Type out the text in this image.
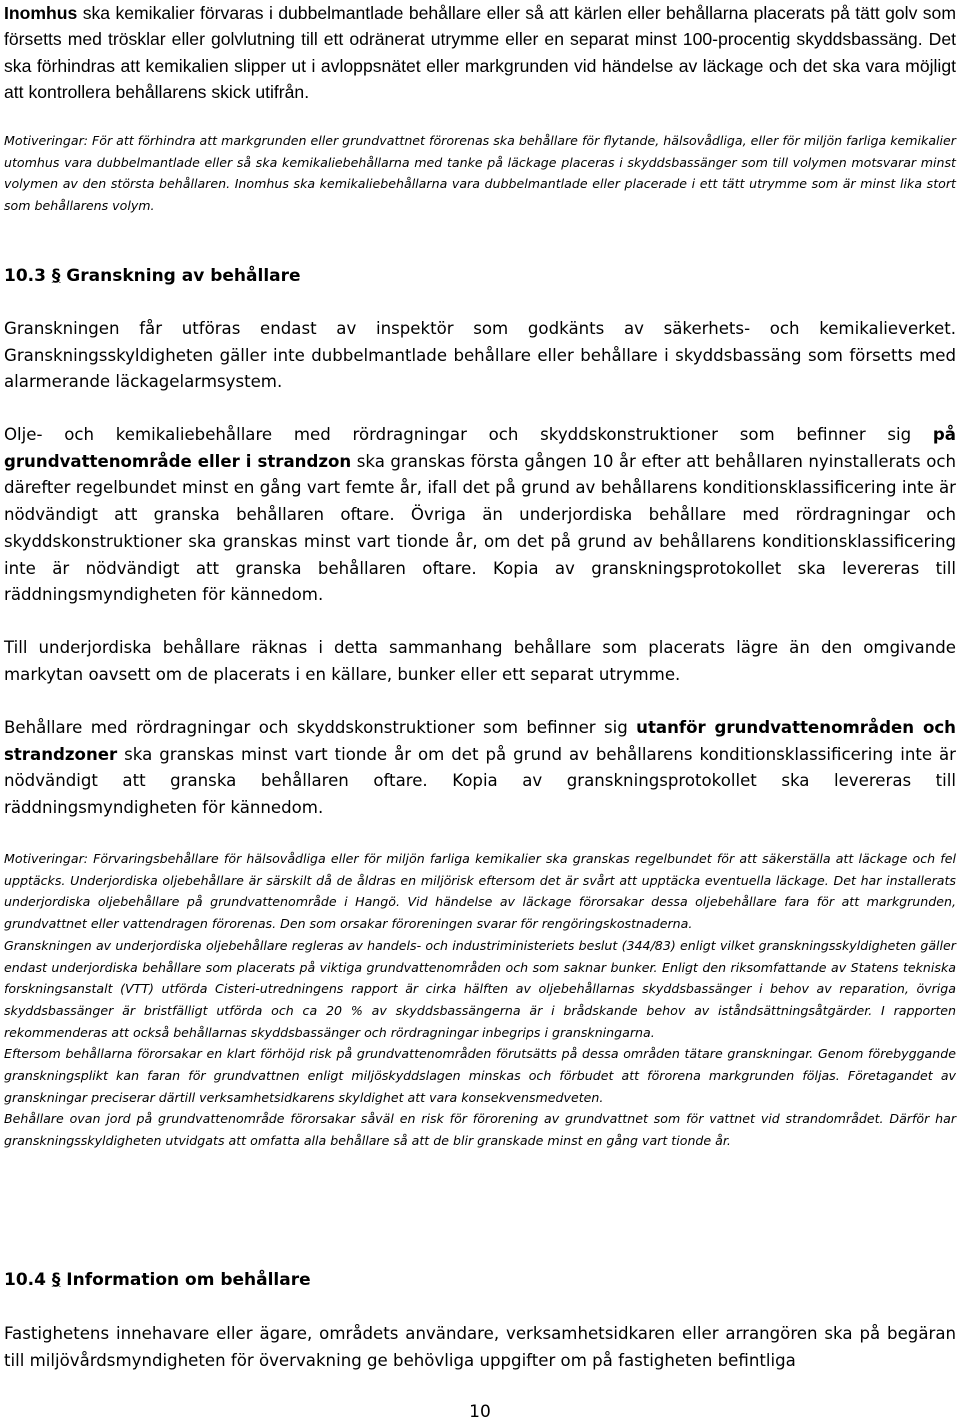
Inomhus ska kemikalier förvaras i dubbelmantlade behållare eller så att kärlen eller behållarna placerats på tätt golv som försetts med trösklar eller golvlutning till ett odränerat utrymme eller en separat minst 100-procentig skyddsbassäng. Det ska förhindras att kemikalien slipper ut i avloppsnätet eller markgrunden vid händelse av läckage och det ska vara möjligt att kontrollera behållarens skick utifrån.

Motiveringar: För att förhindra att markgrunden eller grundvattnet förorenas ska behållare för flytande, hälsovådliga, eller för miljön farliga kemikalier utomhus vara dubbelmantlade eller så ska kemikaliebehållarna med tanke på läckage placeras i skyddsbassänger som till volymen motsvarar minst volymen av den största behållaren. Inomhus ska kemikaliebehållarna vara dubbelmantlade eller placerade i ett tätt utrymme som är minst lika stort som behållarens volym.

10.3 § Granskning av behållare

Granskningen får utföras endast av inspektör som godkänts av säkerhets- och kemikalieverket. Granskningsskyldigheten gäller inte dubbelmantlade behållare eller behållare i skyddsbassäng som försetts med alarmerande läckagelarmsystem.

Olje- och kemikaliebehållare med rördragningar och skyddskonstruktioner som befinner sig på grundvattenområde eller i strandzon ska granskas första gången 10 år efter att behållaren nyinstallerats och därefter regelbundet minst en gång vart femte år, ifall det på grund av behållarens konditionsklassificering inte är nödvändigt att granska behållaren oftare. Övriga än underjordiska behållare med rördragningar och skyddskonstruktioner ska granskas minst vart tionde år, om det på grund av behållarens konditionsklassificering inte är nödvändigt att granska behållaren oftare. Kopia av granskningsprotokollet ska levereras till räddningsmyndigheten för kännedom.

Till underjordiska behållare räknas i detta sammanhang behållare som placerats lägre än den omgivande markytan oavsett om de placerats i en källare, bunker eller ett separat utrymme.

Behållare med rördragningar och skyddskonstruktioner som befinner sig utanför grundvattenområden och strandzoner ska granskas minst vart tionde år om det på grund av behållarens konditionsklassificering inte är nödvändigt att granska behållaren oftare. Kopia av granskningsprotokollet ska levereras till räddningsmyndigheten för kännedom.

Motiveringar: Förvaringsbehållare för hälsovådliga eller för miljön farliga kemikalier ska granskas regelbundet för att säkerställa att läckage och fel upptäcks. Underjordiska oljebehållare är särskilt då de åldras en miljörisk eftersom det är svårt att upptäcka eventuella läckage. Det har installerats underjordiska oljebehållare på grundvattenområde i Hangö. Vid händelse av läckage förorsakar dessa oljebehållare fara för att markgrunden, grundvattnet eller vattendragen förorenas. Den som orsakar föroreningen svarar för rengöringskostnaderna.
Granskningen av underjordiska oljebehållare regleras av handels- och industriministeriets beslut (344/83) enligt vilket granskningsskyldigheten gäller endast underjordiska behållare som placerats på viktiga grundvattenområden och som saknar bunker. Enligt den riksomfattande av Statens tekniska forskningsanstalt (VTT) utförda Cisteri-utredningens rapport är cirka hälften av oljebehållarnas skyddsbassänger i behov av reparation, övriga skyddsbassänger är bristfälligt utförda och ca 20 % av skyddsbassängerna är i brådskande behov av iståndsättningsåtgärder. I rapporten rekommenderas att också behållarnas skyddsbassänger och rördragningar inbegrips i granskningarna.
Eftersom behållarna förorsakar en klart förhöjd risk på grundvattenområden förutsätts på dessa områden tätare granskningar. Genom förebyggande granskningsplikt kan faran för grundvattnen enligt miljöskyddslagen minskas och förbudet att förorena markgrunden följas. Företagandet av granskningar preciserar därtill verksamhetsidkarens skyldighet att vara konsekvensmedveten.
Behållare ovan jord på grundvattenområde förorsakar såväl en risk för förorening av grundvattnet som för vattnet vid strandområdet. Därför har granskningsskyldigheten utvidgats att omfatta alla behållare så att de blir granskade minst en gång vart tionde år.

10.4 § Information om behållare

Fastighetens innehavare eller ägare, områdets användare, verksamhetsidkaren eller arrangören ska på begäran till miljövårdsmyndigheten för övervakning ge behövliga uppgifter om på fastigheten befintliga

10
